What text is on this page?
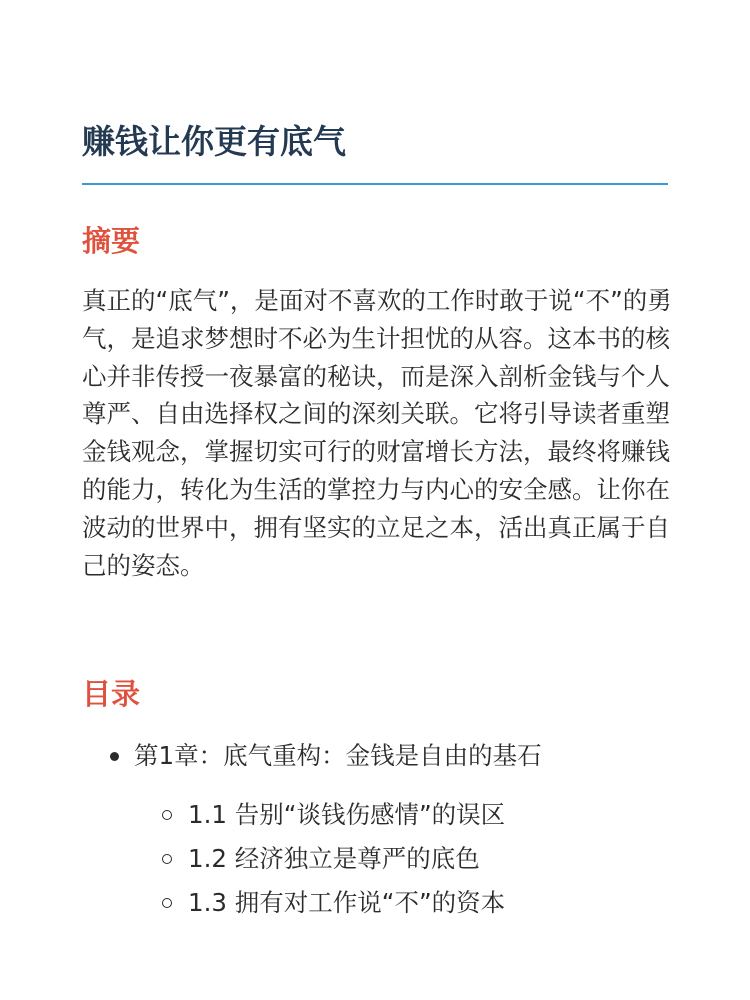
赚钱让你更有底气
摘要

真正的“底气”，是面对不喜欢的工作时敢于说“不”的勇气，是追求梦想时不必为生计担忧的从容。这本书的核心并非传授一夜暴富的秘诀，而是深入剖析金钱与个人尊严、自由选择权之间的深刻关联。它将引导读者重塑金钱观念，掌握切实可行的财富增长方法，最终将赚钱的能力，转化为生活的掌控力与内心的安全感。让你在波动的世界中，拥有坚实的立足之本，活出真正属于自己的姿态。

目录
第1章：底气重构：金钱是自由的基石
1.1 告别“谈钱伤感情”的误区
1.2 经济独立是尊严的底色
1.3 拥有对工作说“不”的资本
